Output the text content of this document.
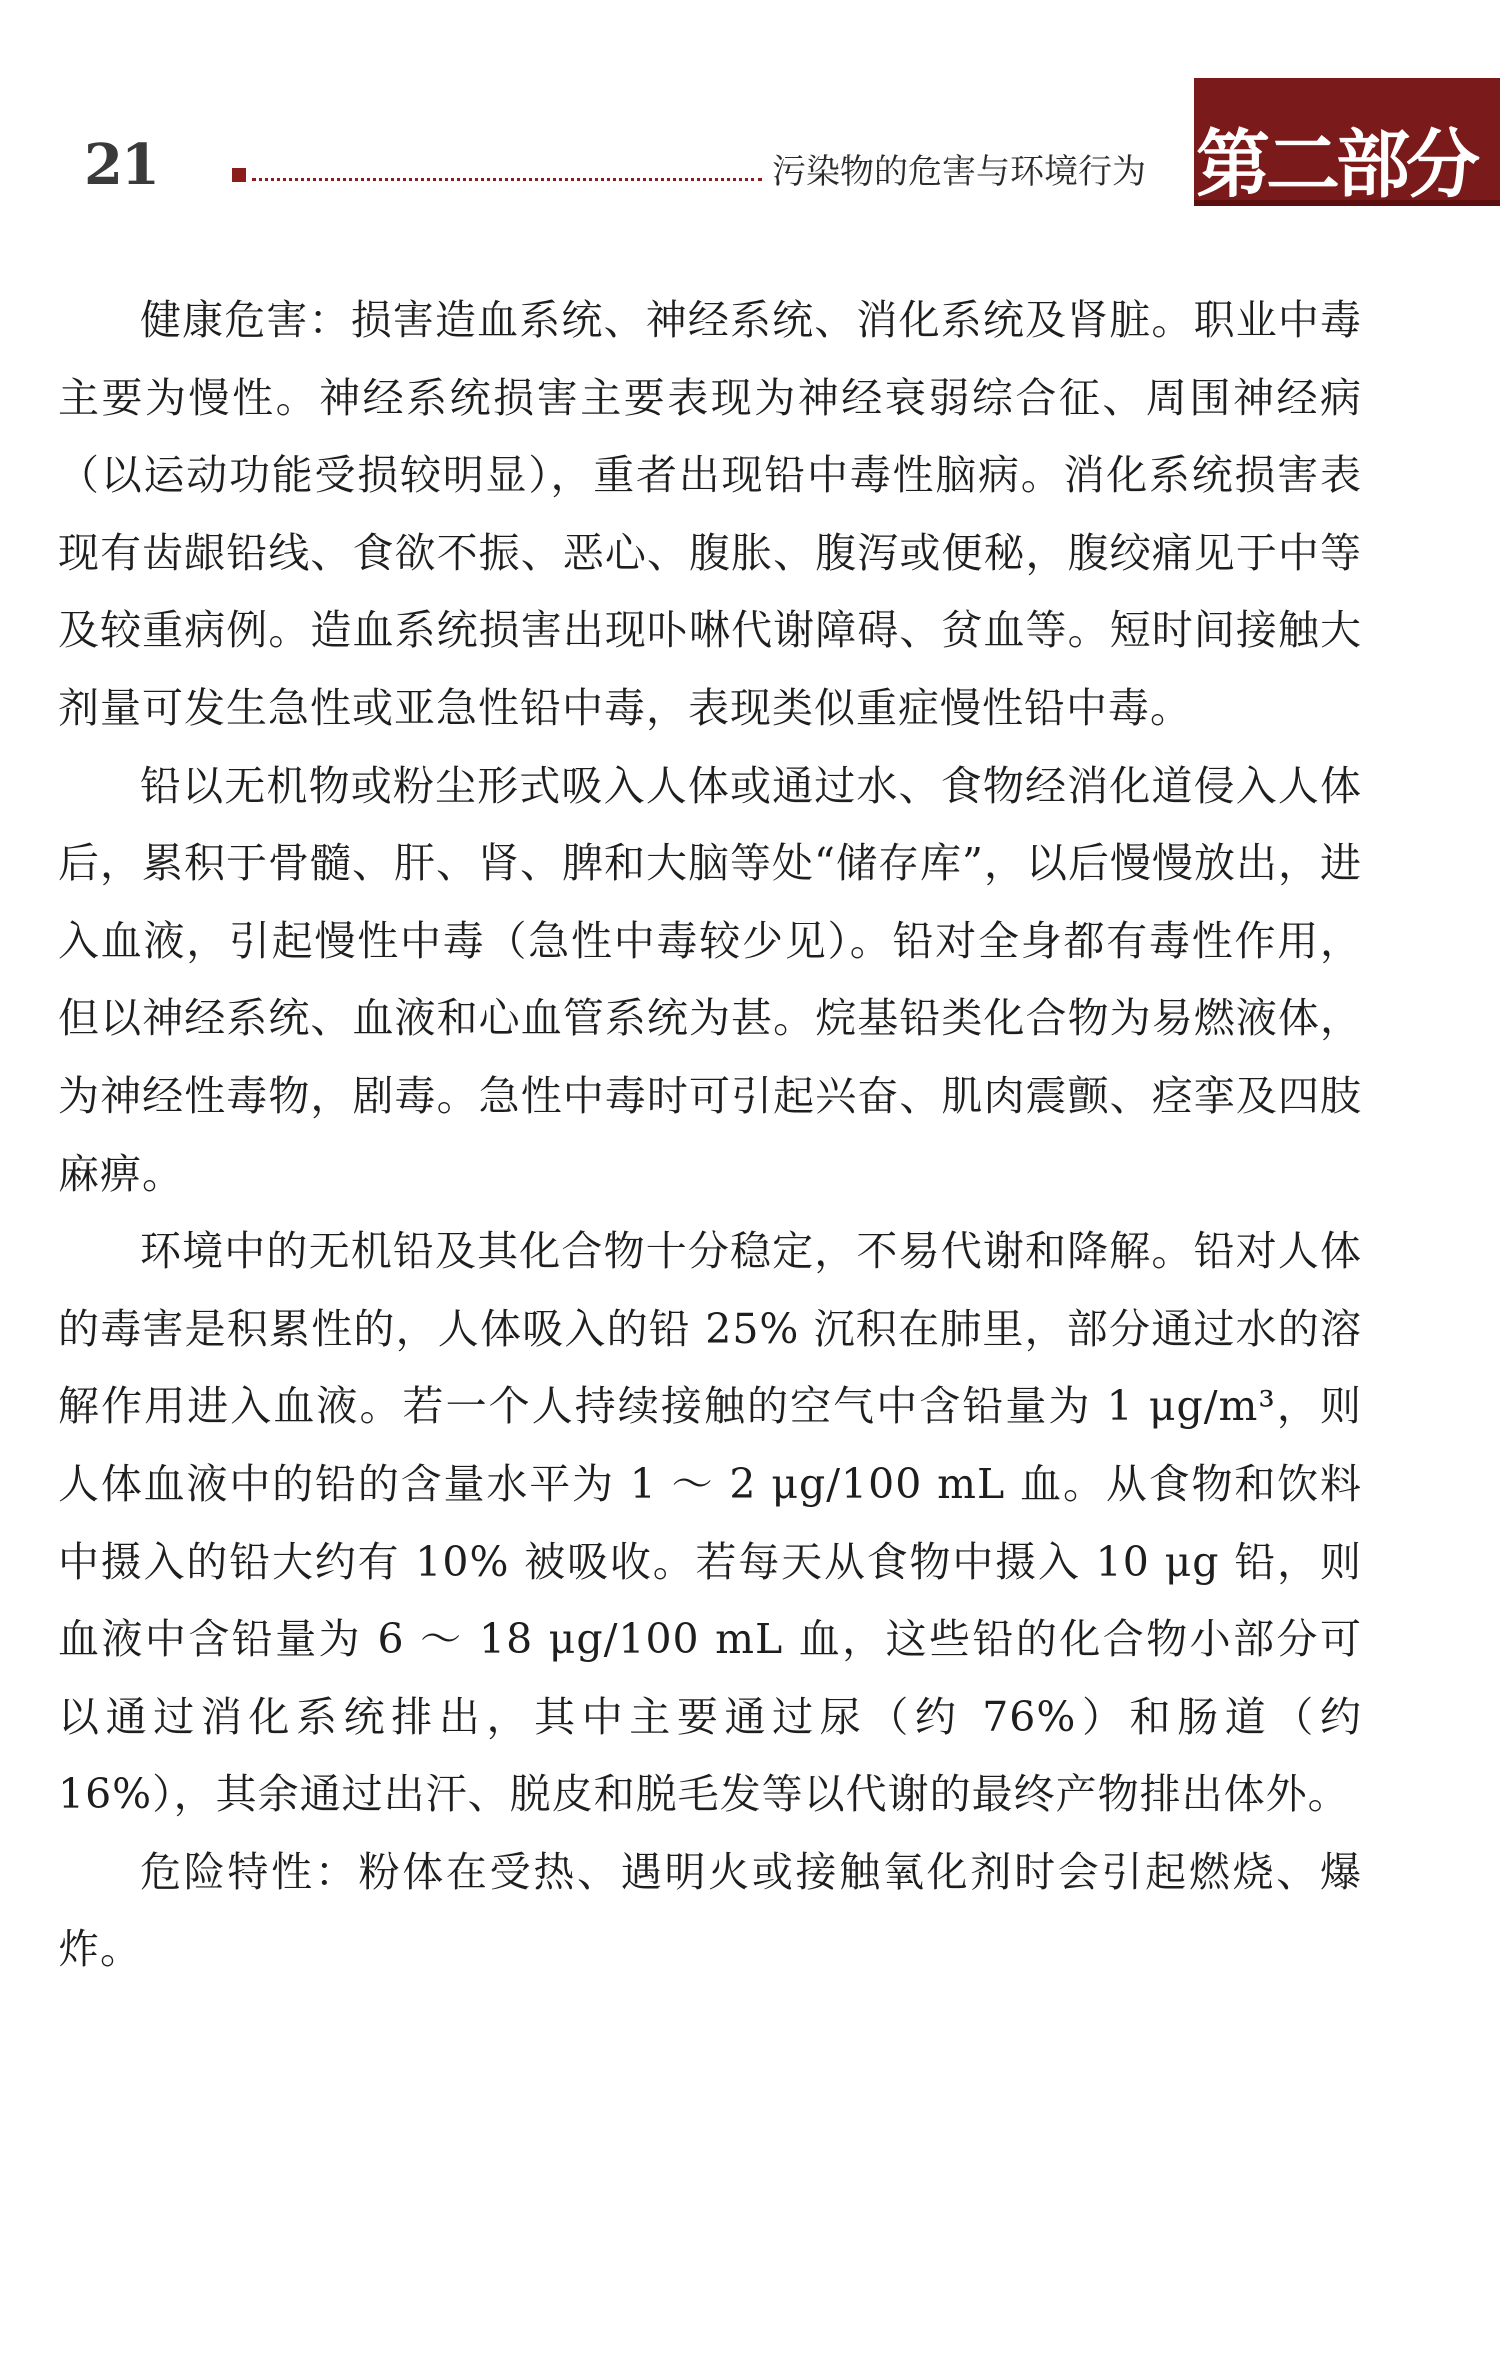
21	污染物的危害与环境行为 第二部分

健康危害：损害造血系统、神经系统、消化系统及肾脏。职业中毒主要为慢性。神经系统损害主要表现为神经衰弱综合征、周围神经病（以运动功能受损较明显），重者出现铅中毒性脑病。消化系统损害表现有齿龈铅线、食欲不振、恶心、腹胀、腹泻或便秘，腹绞痛见于中等及较重病例。造血系统损害出现卟啉代谢障碍、贫血等。短时间接触大剂量可发生急性或亚急性铅中毒，表现类似重症慢性铅中毒。

铅以无机物或粉尘形式吸入人体或通过水、食物经消化道侵入人体后，累积于骨髓、肝、肾、脾和大脑等处“储存库”，以后慢慢放出，进入血液，引起慢性中毒（急性中毒较少见）。铅对全身都有毒性作用，但以神经系统、血液和心血管系统为甚。烷基铅类化合物为易燃液体，为神经性毒物，剧毒。急性中毒时可引起兴奋、肌肉震颤、痉挛及四肢麻痹。

环境中的无机铅及其化合物十分稳定，不易代谢和降解。铅对人体的毒害是积累性的，人体吸入的铅 25% 沉积在肺里，部分通过水的溶解作用进入血液。若一个人持续接触的空气中含铅量为 1 μg/m³，则人体血液中的铅的含量水平为 1 ～ 2 μg/100 mL 血。从食物和饮料中摄入的铅大约有 10% 被吸收。若每天从食物中摄入 10 μg 铅，则血液中含铅量为 6 ～ 18 μg/100 mL 血，这些铅的化合物小部分可以通过消化系统排出，其中主要通过尿（约 76%）和肠道（约 16%），其余通过出汗、脱皮和脱毛发等以代谢的最终产物排出体外。

危险特性：粉体在受热、遇明火或接触氧化剂时会引起燃烧、爆炸。
